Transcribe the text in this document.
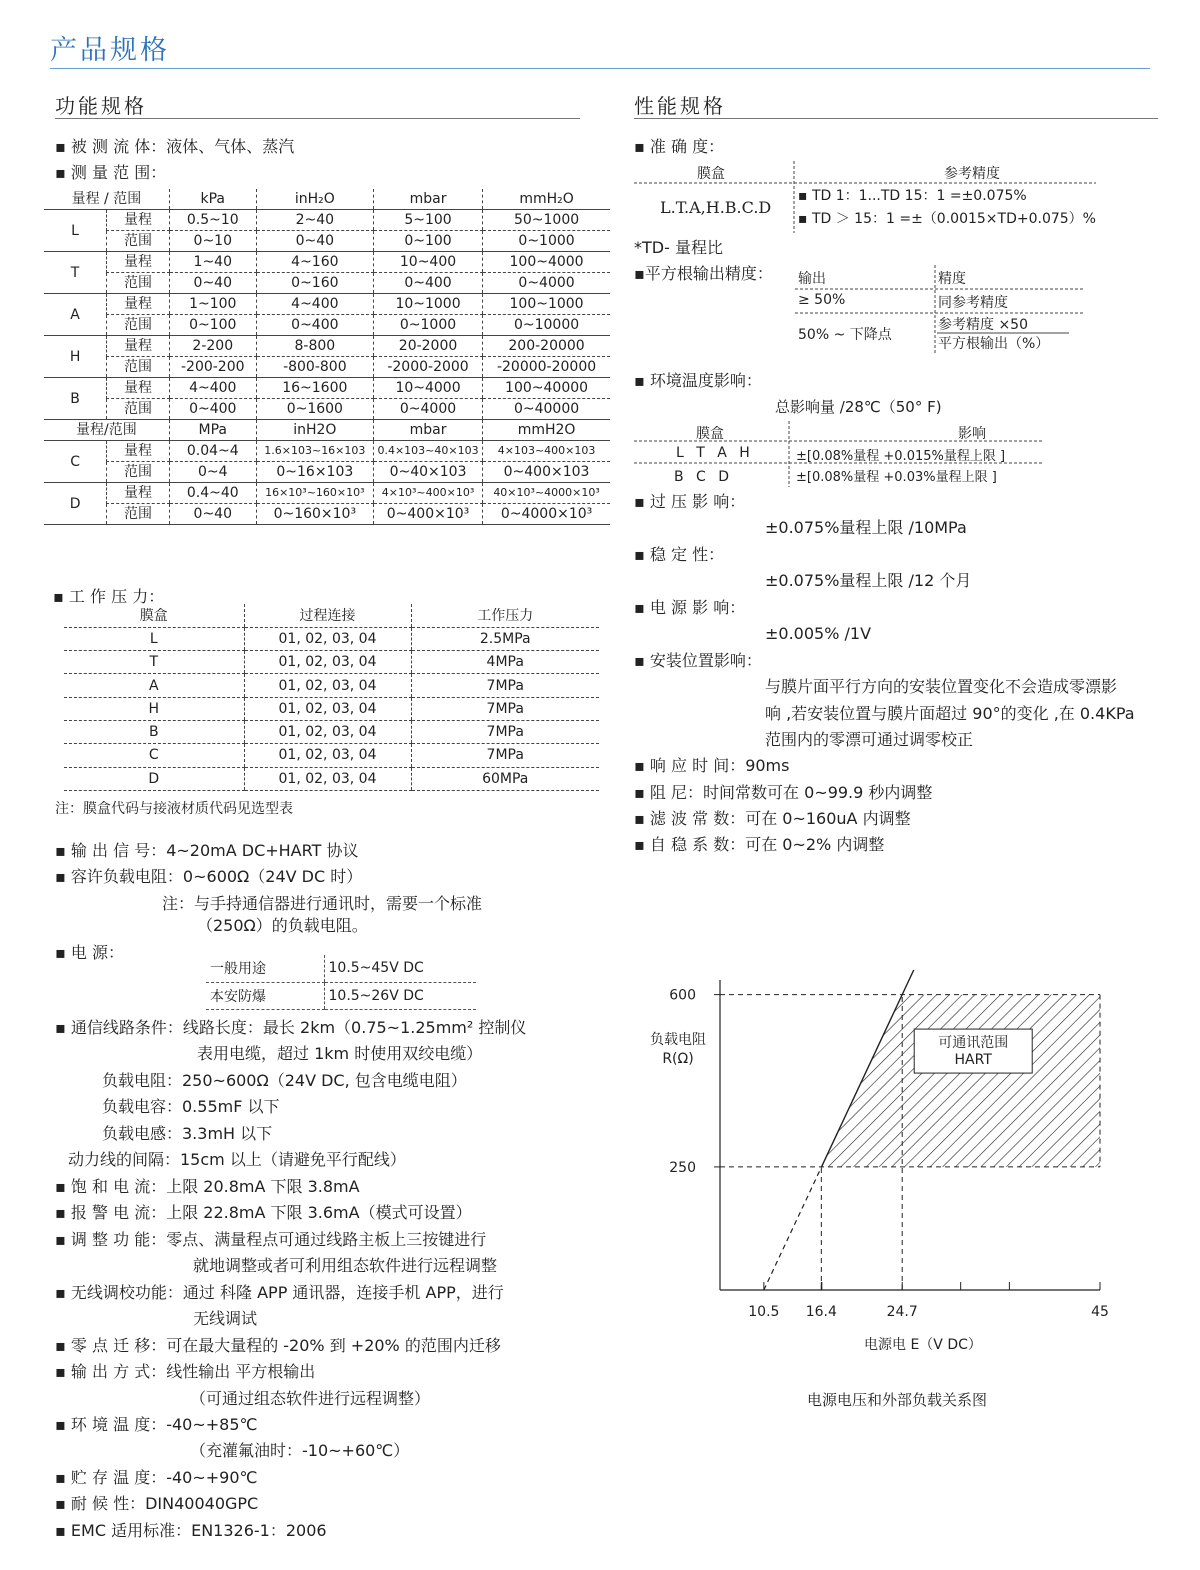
产品规格
功能规格
▪ 被 测 流 体：液体、气体、蒸汽
▪ 测 量 范 围：
量程 / 范围		kPa	inH₂O	mbar	mmH₂O
L	量程	0.5~10	2~40	5~100	50~1000
	范围	0~10	0~40	0~100	0~1000
T	量程	1~40	4~160	10~400	100~4000
	范围	0~40	0~160	0~400	0~4000
A	量程	1~100	4~400	10~1000	100~1000
	范围	0~100	0~400	0~1000	0~10000
H	量程	2-200	8-800	20-2000	200-20000
	范围	-200-200	-800-800	-2000-2000	-20000-20000
B	量程	4~400	16~1600	10~4000	100~40000
	范围	0~400	0~1600	0~4000	0~40000
量程/范围		MPa	inH2O	mbar	mmH2O
C	量程	0.04~4	1.6×103~16×103	0.4×103~40×103	4×103~400×103
	范围	0~4	0~16×103	0~40×103	0~400×103
D	量程	0.4~40	16×10³~160×10³	4×10³~400×10³	40×10³~4000×10³
	范围	0~40	0~160×10³	0~400×10³	0~4000×10³
▪ 工 作 压 力：
膜盒	过程连接	工作压力
L	01, 02, 03, 04	2.5MPa
T	01, 02, 03, 04	4MPa
A	01, 02, 03, 04	7MPa
H	01, 02, 03, 04	7MPa
B	01, 02, 03, 04	7MPa
C	01, 02, 03, 04	7MPa
D	01, 02, 03, 04	60MPa
注：膜盒代码与接液材质代码见选型表
▪ 输 出 信 号：4~20mA DC+HART 协议
▪ 容许负载电阻：0~600Ω（24V DC 时）
注：与手持通信器进行通讯时，需要一个标准
（250Ω）的负载电阻。
▪ 电 源：
一般用途	10.5~45V DC
本安防爆	10.5~26V DC
▪ 通信线路条件：线路长度：最长 2km（0.75~1.25mm² 控制仪
表用电缆，超过 1km 时使用双绞电缆）
负载电阻：250~600Ω（24V DC, 包含电缆电阻）
负载电容：0.55mF 以下
负载电感：3.3mH 以下
动力线的间隔：15cm 以上（请避免平行配线）
▪ 饱 和 电 流：上限 20.8mA 下限 3.8mA
▪ 报 警 电 流：上限 22.8mA 下限 3.6mA（模式可设置）
▪ 调 整 功 能：零点、满量程点可通过线路主板上三按键进行
就地调整或者可利用组态软件进行远程调整
▪ 无线调校功能：通过 科隆 APP 通讯器，连接手机 APP，进行
无线调试
▪ 零 点 迁 移：可在最大量程的 -20% 到 +20% 的范围内迁移
▪ 输 出 方 式：线性输出 平方根输出
（可通过组态软件进行远程调整）
▪ 环 境 温 度：-40~+85℃
（充灌氟油时：-10~+60℃）
▪ 贮 存 温 度：-40~+90℃
▪ 耐 候 性：DIN40040GPC
▪ EMC 适用标准：EN1326-1：2006
性能规格
▪ 准 确 度：
膜盒	参考精度
L.T.A,H.B.C.D
▪ TD 1：1...TD 15：1 =±0.075%
▪ TD ＞ 15：1 =±（0.0015×TD+0.075）%
*TD- 量程比
▪平方根输出精度： 输出	精度
≥ 50%	同参考精度
50% ~ 下降点
参考精度 ×50
平方根输出（%）
▪ 环境温度影响：
总影响量 /28℃（50° F)
膜盒	影响
L T A H	±[0.08%量程 +0.015%量程上限 ]
B C D	±[0.08%量程 +0.03%量程上限 ]
▪ 过 压 影 响：
±0.075%量程上限 /10MPa
▪ 稳 定 性：
±0.075%量程上限 /12 个月
▪ 电 源 影 响：
±0.005% /1V
▪ 安装位置影响：
与膜片面平行方向的安装位置变化不会造成零漂影
响 ,若安装位置与膜片面超过 90°的变化 ,在 0.4KPa
范围内的零漂可通过调零校正
▪ 响 应 时 间：90ms
▪ 阻 尼：时间常数可在 0~99.9 秒内调整
▪ 滤 波 常 数：可在 0~160uA 内调整
▪ 自 稳 系 数：可在 0~2% 内调整
250
600
10.5 16.4	24.7	45
可通讯范围
HART
负载电阻
R(Ω)
电源电 E（V DC）
电源电压和外部负载关系图
